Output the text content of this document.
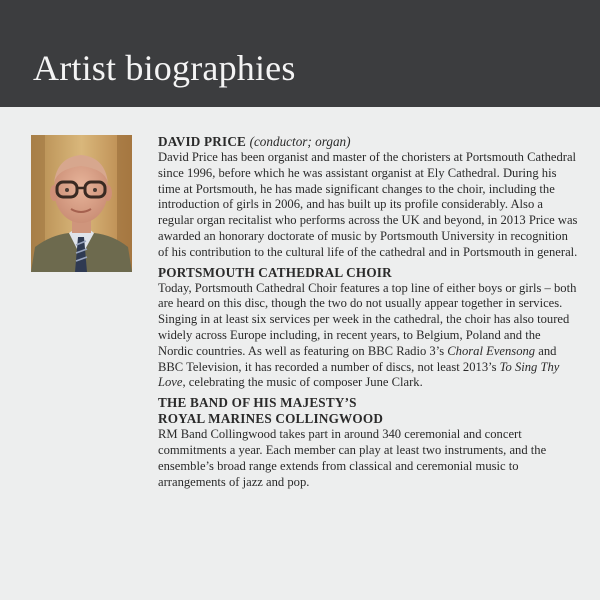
Artist biographies

DAVID PRICE (conductor; organ)

David Price has been organist and master of the choristers at Portsmouth Cathedral since 1996, before which he was assistant organist at Ely Cathedral. During his time at Portsmouth, he has made significant changes to the choir, including the introduction of girls in 2006, and has built up its profile considerably. Also a regular organ recitalist who performs across the UK and beyond, in 2013 Price was awarded an honorary doctorate of music by Portsmouth University in recognition of his contribution to the cultural life of the cathedral and in Portsmouth in general.

PORTSMOUTH CATHEDRAL CHOIR

Today, Portsmouth Cathedral Choir features a top line of either boys or girls – both are heard on this disc, though the two do not usually appear together in services. Singing in at least six services per week in the cathedral, the choir has also toured widely across Europe including, in recent years, to Belgium, Poland and the Nordic countries. As well as featuring on BBC Radio 3’s Choral Evensong and BBC Television, it has recorded a number of discs, not least 2013’s To Sing Thy Love, celebrating the music of composer June Clark.

THE BAND OF HIS MAJESTY’S
ROYAL MARINES COLLINGWOOD

RM Band Collingwood takes part in around 340 ceremonial and concert commitments a year. Each member can play at least two instruments, and the ensemble’s broad range extends from classical and ceremonial music to arrangements of jazz and pop.
